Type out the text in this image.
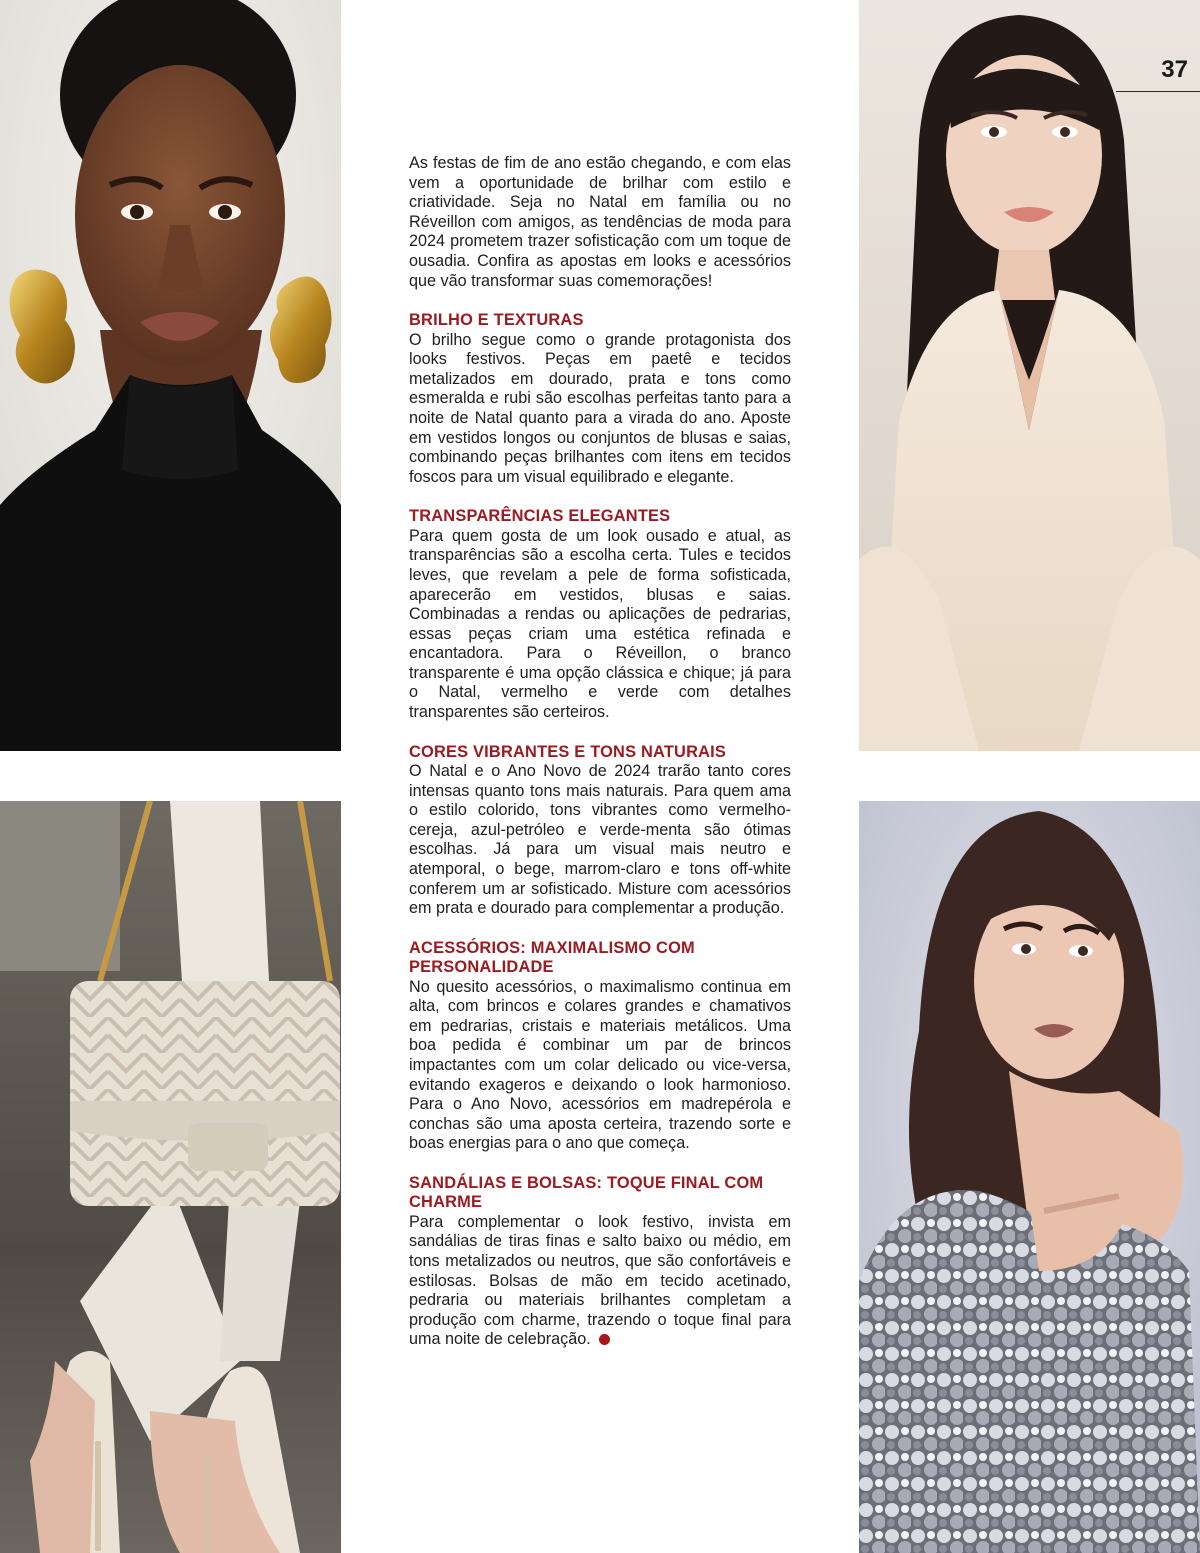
37

As festas de fim de ano estão chegando, e com elas vem a oportunidade de brilhar com estilo e criatividade. Seja no Natal em família ou no Réveillon com amigos, as tendências de moda para 2024 prometem trazer sofisticação com um toque de ousadia. Confira as apostas em looks e acessórios que vão transformar suas comemorações!

BRILHO E TEXTURAS

O brilho segue como o grande protagonista dos looks festivos. Peças em paetê e tecidos metalizados em dourado, prata e tons como esmeralda e rubi são escolhas perfeitas tanto para a noite de Natal quanto para a virada do ano. Aposte em vestidos longos ou conjuntos de blusas e saias, combinando peças brilhantes com itens em tecidos foscos para um visual equilibrado e elegante.

TRANSPARÊNCIAS ELEGANTES

Para quem gosta de um look ousado e atual, as transparências são a escolha certa. Tules e tecidos leves, que revelam a pele de forma sofisticada, aparecerão em vestidos, blusas e saias. Combinadas a rendas ou aplicações de pedrarias, essas peças criam uma estética refinada e encantadora. Para o Réveillon, o branco transparente é uma opção clássica e chique; já para o Natal, vermelho e verde com detalhes transparentes são certeiros.

CORES VIBRANTES E TONS NATURAIS

O Natal e o Ano Novo de 2024 trarão tanto cores intensas quanto tons mais naturais. Para quem ama o estilo colorido, tons vibrantes como vermelho-cereja, azul-petróleo e verde-menta são ótimas escolhas. Já para um visual mais neutro e atemporal, o bege, marrom-claro e tons off-white conferem um ar sofisticado. Misture com acessórios em prata e dourado para complementar a produção.

ACESSÓRIOS: MAXIMALISMO COM PERSONALIDADE

No quesito acessórios, o maximalismo continua em alta, com brincos e colares grandes e chamativos em pedrarias, cristais e materiais metálicos. Uma boa pedida é combinar um par de brincos impactantes com um colar delicado ou vice-versa, evitando exageros e deixando o look harmonioso. Para o Ano Novo, acessórios em madrepérola e conchas são uma aposta certeira, trazendo sorte e boas energias para o ano que começa.

SANDÁLIAS E BOLSAS: TOQUE FINAL COM CHARME

Para complementar o look festivo, invista em sandálias de tiras finas e salto baixo ou médio, em tons metalizados ou neutros, que são confortáveis e estilosas. Bolsas de mão em tecido acetinado, pedraria ou materiais brilhantes completam a produção com charme, trazendo o toque final para uma noite de celebração.
